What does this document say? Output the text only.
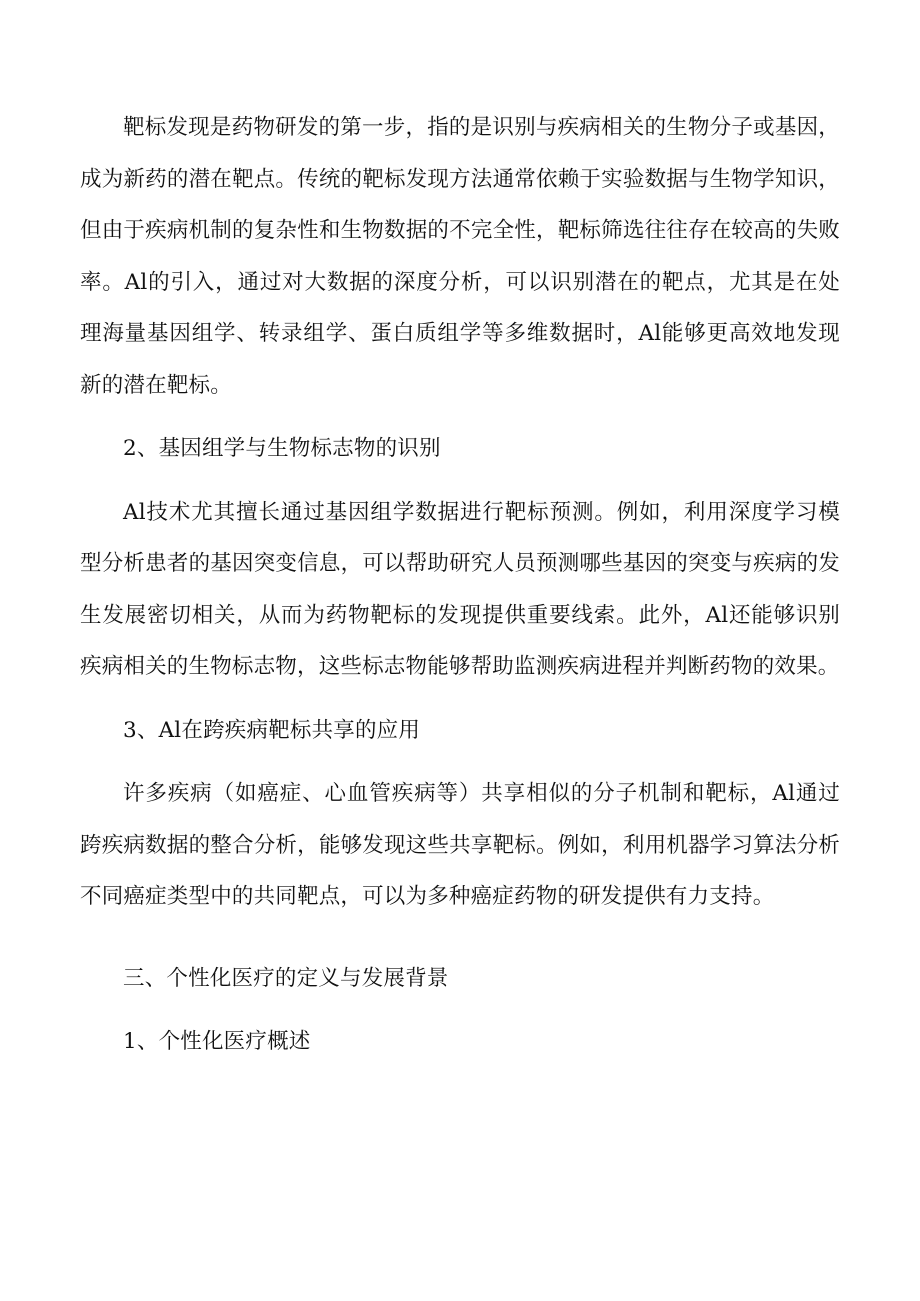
靶标发现是药物研发的第一步，指的是识别与疾病相关的生物分子或基因，成为新药的潜在靶点。传统的靶标发现方法通常依赖于实验数据与生物学知识，但由于疾病机制的复杂性和生物数据的不完全性，靶标筛选往往存在较高的失败率。Al的引入，通过对大数据的深度分析，可以识别潜在的靶点，尤其是在处理海量基因组学、转录组学、蛋白质组学等多维数据时，Al能够更高效地发现新的潜在靶标。

2、基因组学与生物标志物的识别

Al技术尤其擅长通过基因组学数据进行靶标预测。例如，利用深度学习模型分析患者的基因突变信息，可以帮助研究人员预测哪些基因的突变与疾病的发生发展密切相关，从而为药物靶标的发现提供重要线索。此外，Al还能够识别疾病相关的生物标志物，这些标志物能够帮助监测疾病进程并判断药物的效果。

3、Al在跨疾病靶标共享的应用

许多疾病（如癌症、心血管疾病等）共享相似的分子机制和靶标，Al通过跨疾病数据的整合分析，能够发现这些共享靶标。例如，利用机器学习算法分析不同癌症类型中的共同靶点，可以为多种癌症药物的研发提供有力支持。

三、个性化医疗的定义与发展背景

1、个性化医疗概述
